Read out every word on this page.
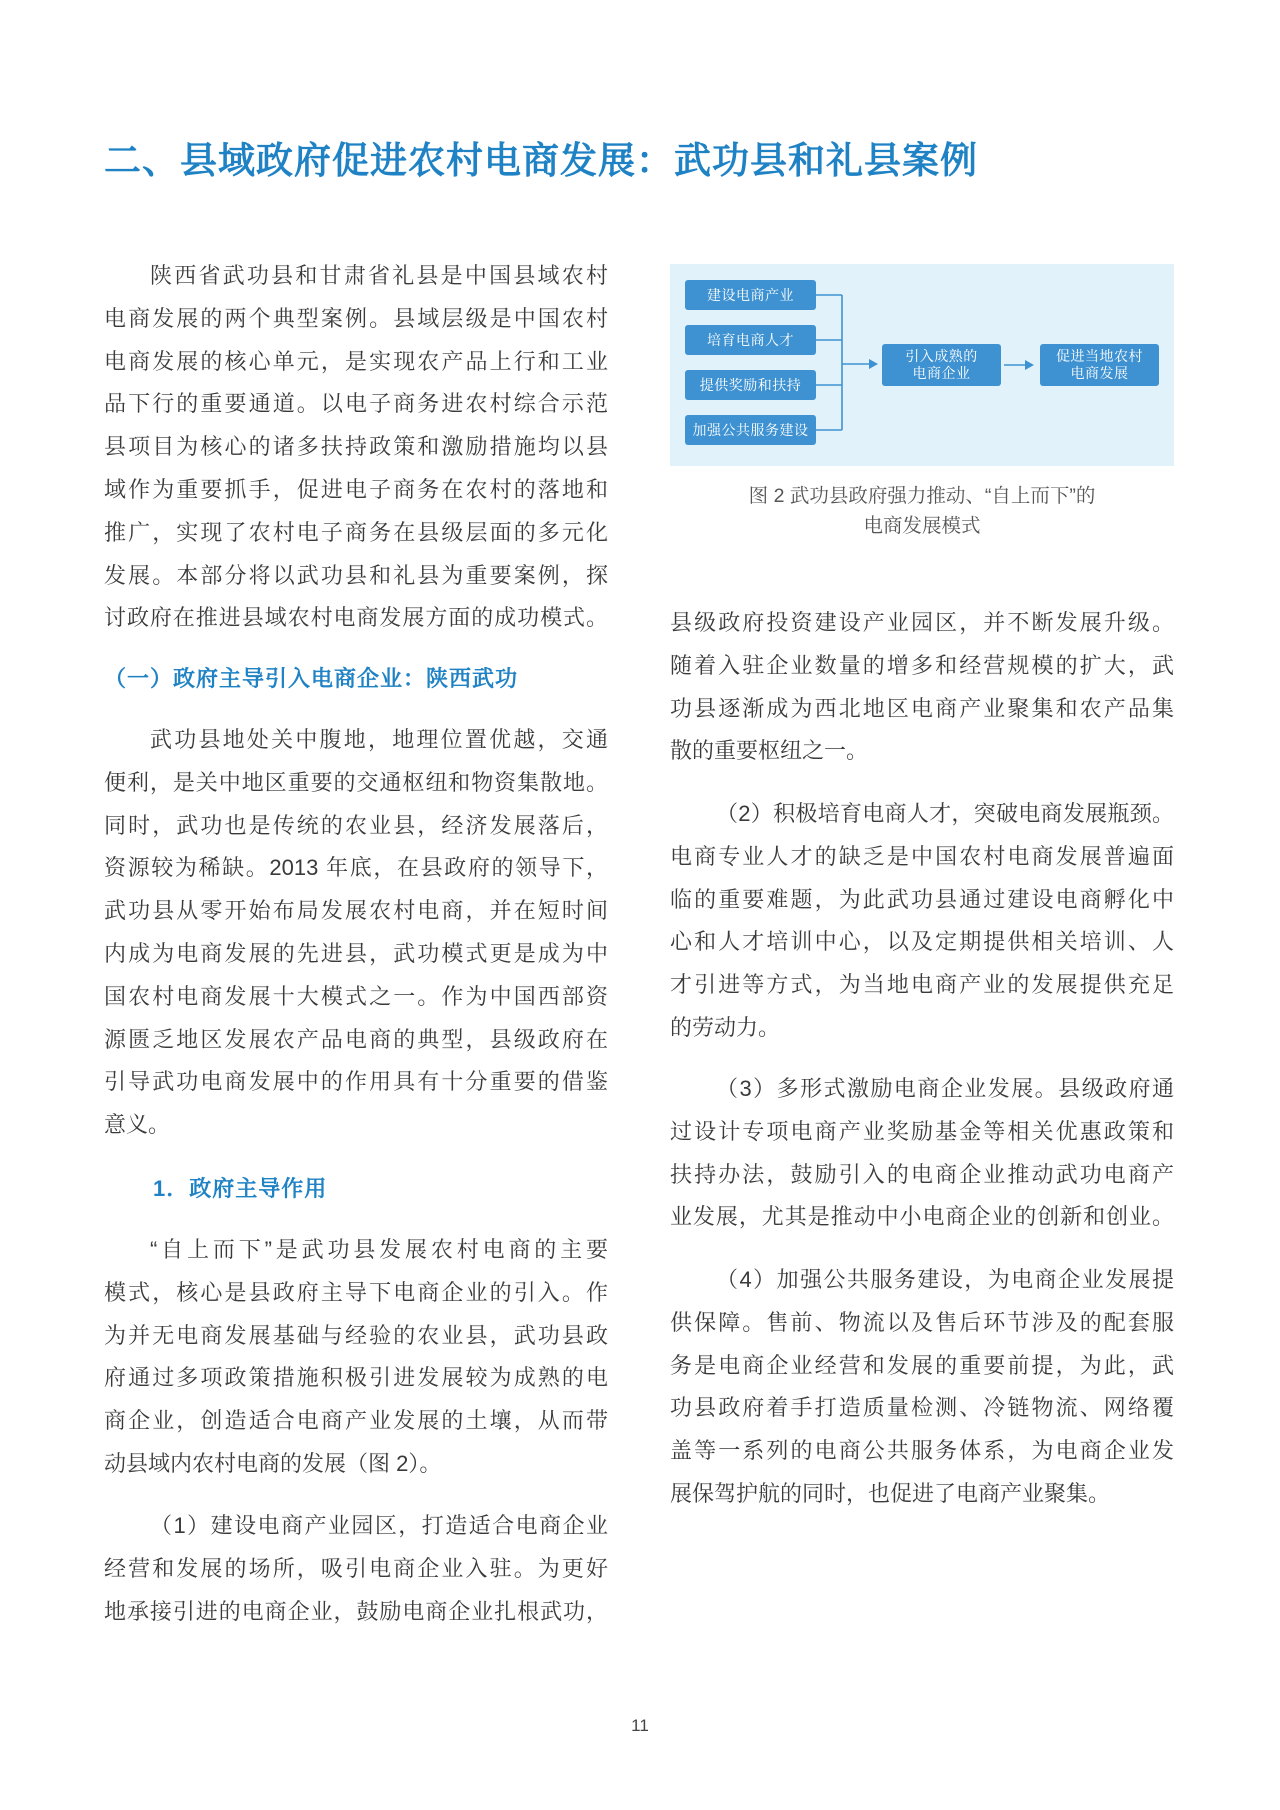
二、县域政府促进农村电商发展：武功县和礼县案例
陕西省武功县和甘肃省礼县是中国县域农村
电商发展的两个典型案例。县域层级是中国农村
电商发展的核心单元，是实现农产品上行和工业
品下行的重要通道。以电子商务进农村综合示范
县项目为核心的诸多扶持政策和激励措施均以县
域作为重要抓手，促进电子商务在农村的落地和
推广，实现了农村电子商务在县级层面的多元化
发展。本部分将以武功县和礼县为重要案例，探
讨政府在推进县域农村电商发展方面的成功模式。
（一）政府主导引入电商企业：陕西武功
武功县地处关中腹地，地理位置优越，交通
便利，是关中地区重要的交通枢纽和物资集散地。
同时，武功也是传统的农业县，经济发展落后，
资源较为稀缺。2013 年底，在县政府的领导下，
武功县从零开始布局发展农村电商，并在短时间
内成为电商发展的先进县，武功模式更是成为中
国农村电商发展十大模式之一。作为中国西部资
源匮乏地区发展农产品电商的典型，县级政府在
引导武功电商发展中的作用具有十分重要的借鉴
意义。
1．政府主导作用
“自上而下”是武功县发展农村电商的主要
模式，核心是县政府主导下电商企业的引入。作
为并无电商发展基础与经验的农业县，武功县政
府通过多项政策措施积极引进发展较为成熟的电
商企业，创造适合电商产业发展的土壤，从而带
动县域内农村电商的发展（图 2）。
（1）建设电商产业园区，打造适合电商企业
经营和发展的场所，吸引电商企业入驻。为更好
地承接引进的电商企业，鼓励电商企业扎根武功，
建设电商产业
培育电商人才
提供奖励和扶持
加强公共服务建设
引入成熟的
电商企业
促进当地农村
电商发展
图 2 武功县政府强力推动、“自上而下”的
电商发展模式
县级政府投资建设产业园区，并不断发展升级。
随着入驻企业数量的增多和经营规模的扩大，武
功县逐渐成为西北地区电商产业聚集和农产品集
散的重要枢纽之一。
（2）积极培育电商人才，突破电商发展瓶颈。
电商专业人才的缺乏是中国农村电商发展普遍面
临的重要难题，为此武功县通过建设电商孵化中
心和人才培训中心，以及定期提供相关培训、人
才引进等方式，为当地电商产业的发展提供充足
的劳动力。
（3）多形式激励电商企业发展。县级政府通
过设计专项电商产业奖励基金等相关优惠政策和
扶持办法，鼓励引入的电商企业推动武功电商产
业发展，尤其是推动中小电商企业的创新和创业。
（4）加强公共服务建设，为电商企业发展提
供保障。售前、物流以及售后环节涉及的配套服
务是电商企业经营和发展的重要前提，为此，武
功县政府着手打造质量检测、冷链物流、网络覆
盖等一系列的电商公共服务体系，为电商企业发
展保驾护航的同时，也促进了电商产业聚集。
11
